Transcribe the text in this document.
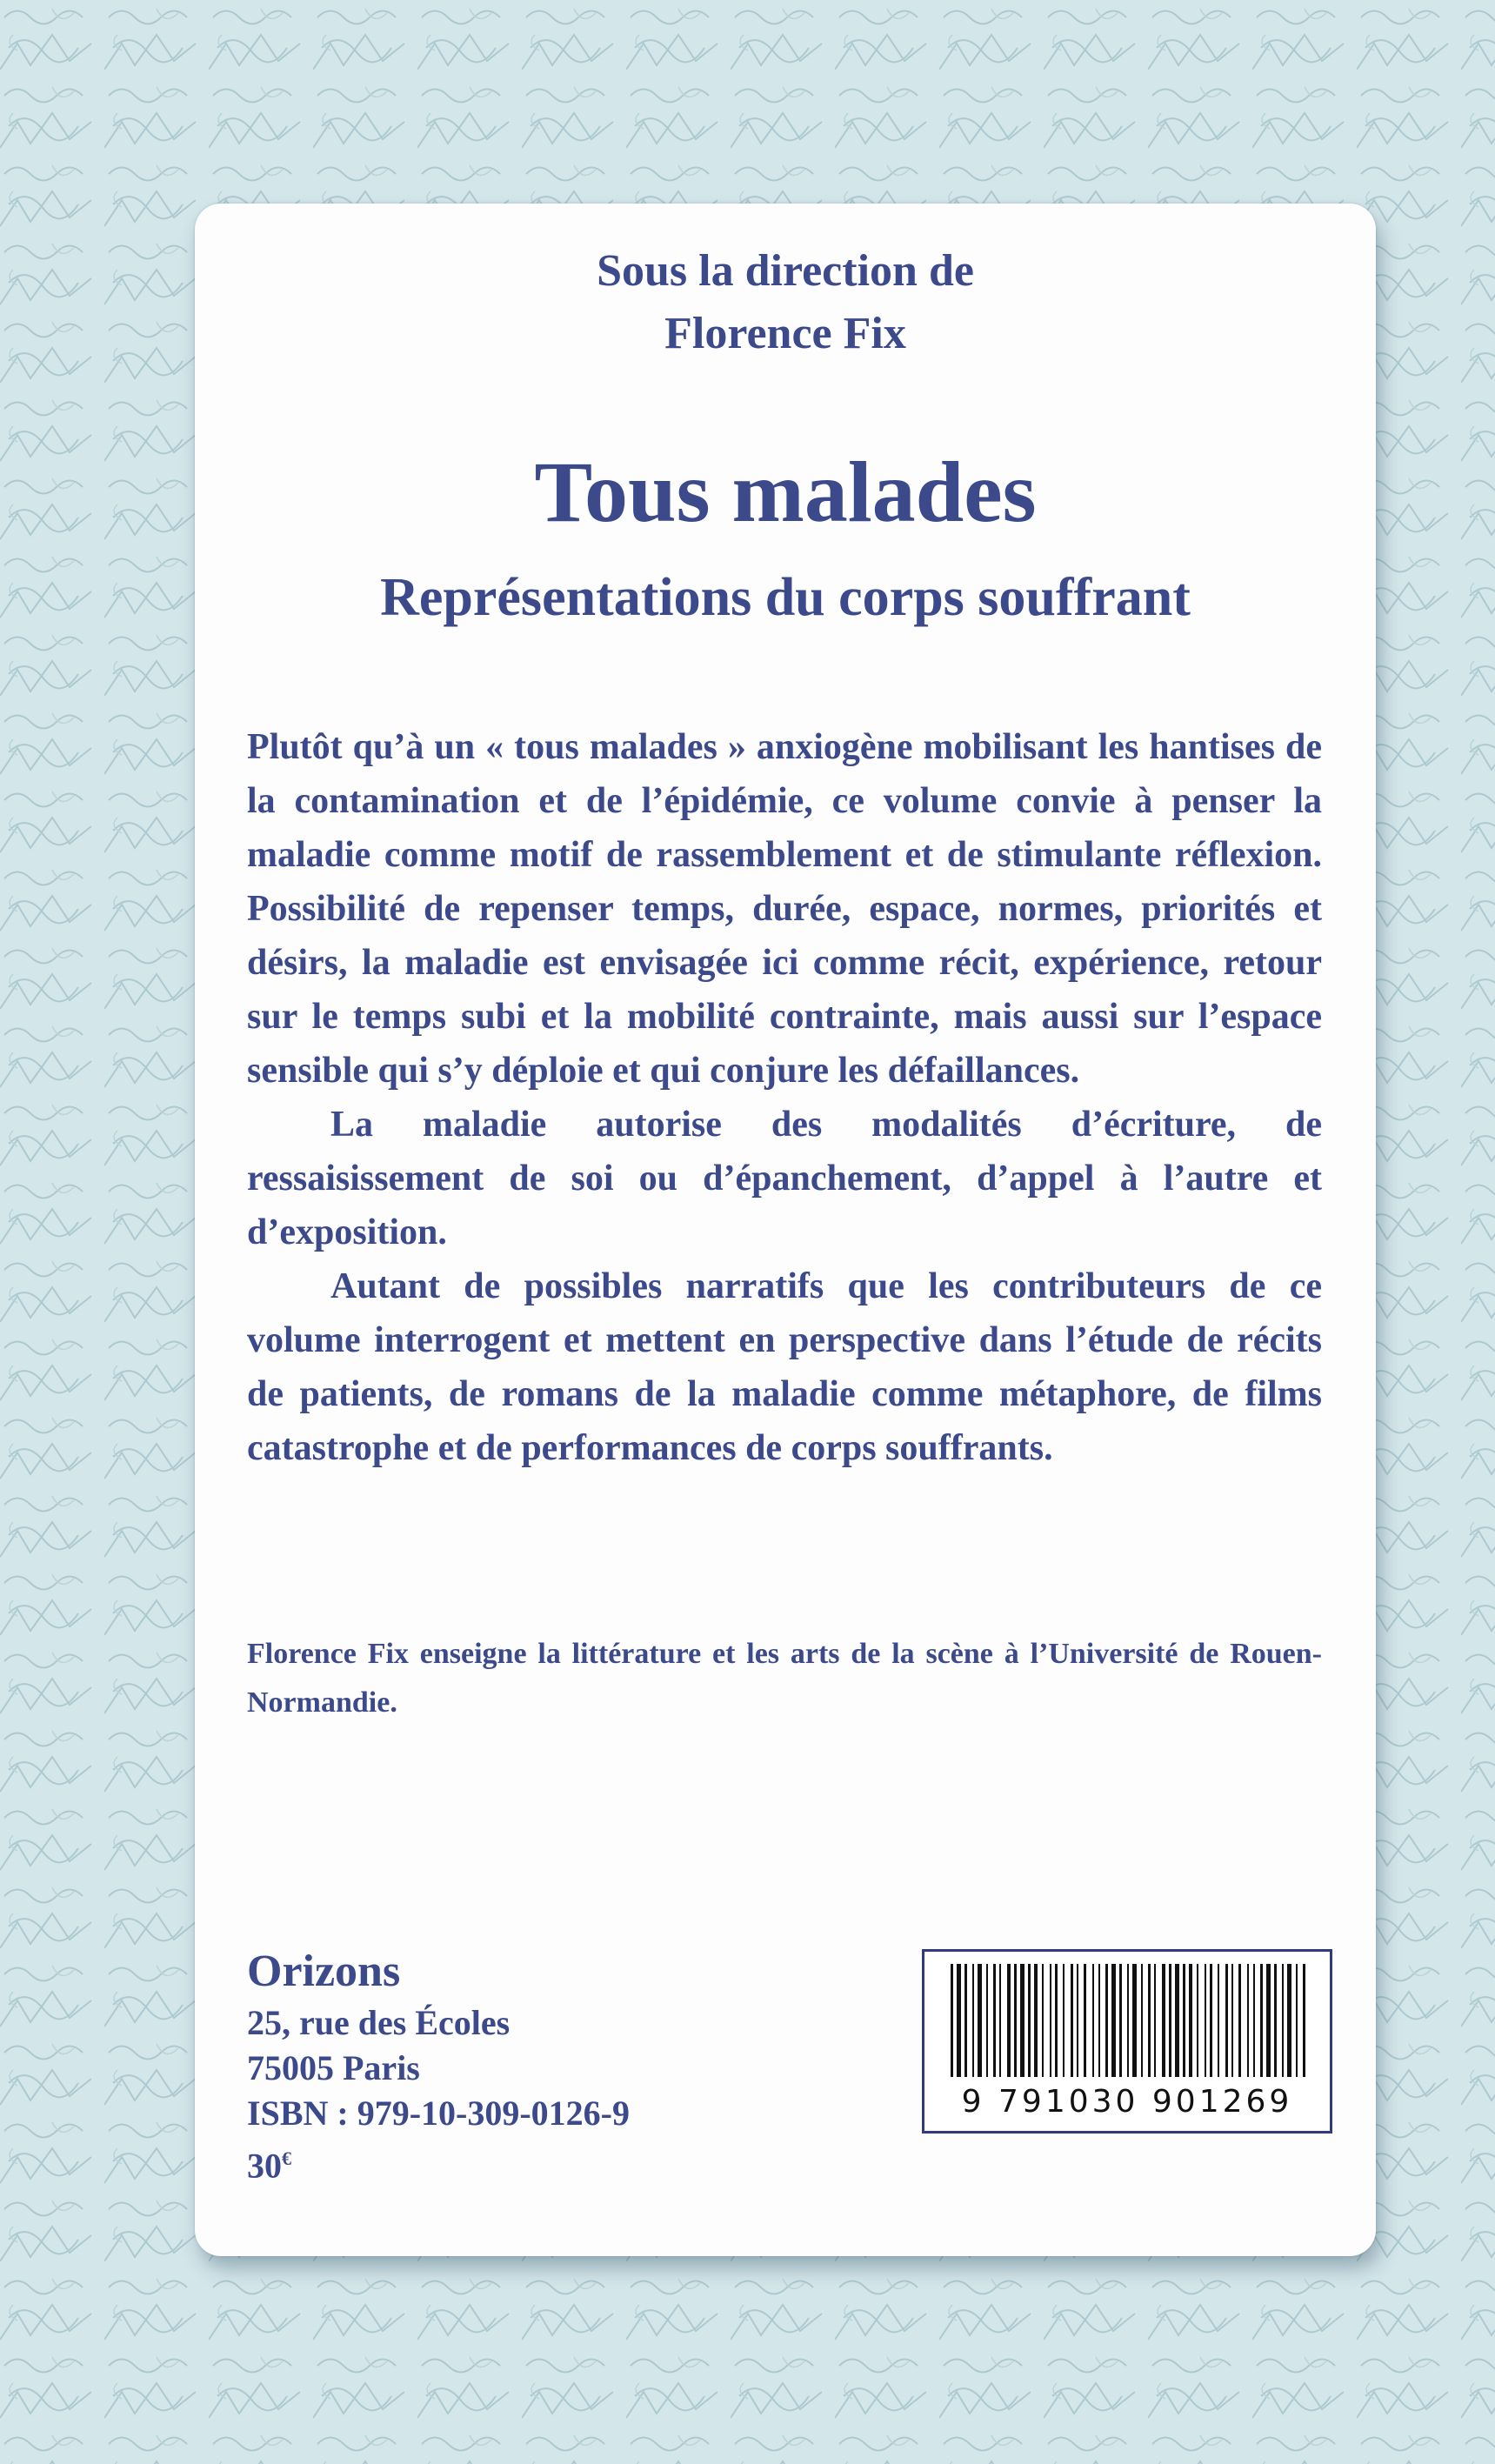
Sous la direction de
Florence Fix
Tous malades
Représentations du corps souffrant

Plutôt qu’à un « tous malades » anxiogène mobilisant les hantises de la contamination et de l’épidémie, ce volume convie à penser la maladie comme motif de rassemblement et de stimulante réflexion. Possibilité de repenser temps, durée, espace, normes, priorités et désirs, la maladie est envisagée ici comme récit, expérience, retour sur le temps subi et la mobilité contrainte, mais aussi sur l’espace sensible qui s’y déploie et qui conjure les défaillances.

La maladie autorise des modalités d’écriture, de ressaisissement de soi ou d’épanchement, d’appel à l’autre et d’exposition.

Autant de possibles narratifs que les contributeurs de ce volume interrogent et mettent en perspective dans l’étude de récits de patients, de romans de la maladie comme métaphore, de films catastrophe et de performances de corps souffrants.

Florence Fix enseigne la littérature et les arts de la scène à l’Université de Rouen-Normandie.
Orizons
25, rue des Écoles
75005 Paris
ISBN : 979-10-309-0126-9
30€
9 791030 901269
